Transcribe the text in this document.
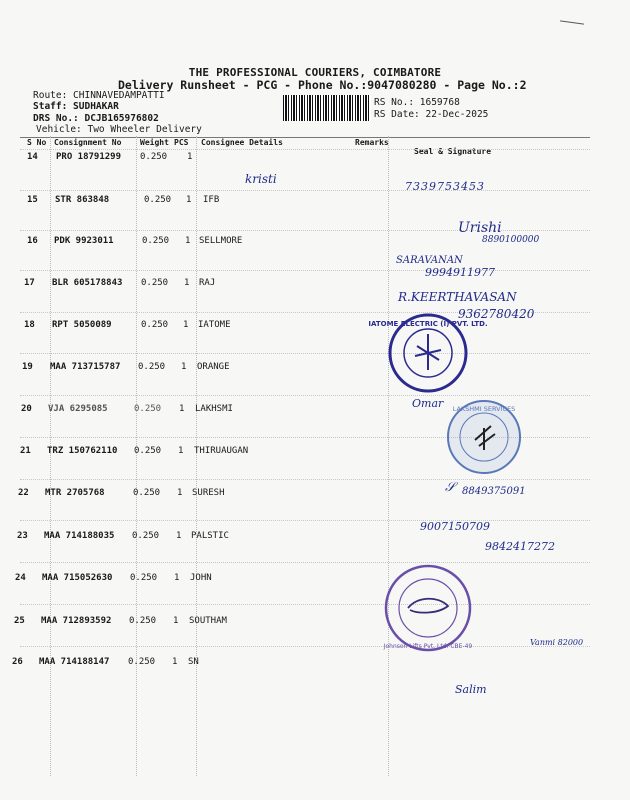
THE PROFESSIONAL COURIERS, COIMBATORE
Delivery Runsheet - PCG - Phone No.:9047080280 - Page No.:2
Route: CHINNAVEDAMPATTI
Staff: SUDHAKAR
DRS No.: DCJB165976802
Vehicle: Two Wheeler Delivery
RS No.: 1659768
RS Date: 22-Dec-2025
S No Consignment No Weight PCS Consignee Details	Remarks
Seal & Signature
14 PRO 18791299 0.250 1
15 STR 863848	0.250 1 IFB
16 PDK 9923011	0.250 1 SELLMORE
17 BLR 605178843 0.250 1 RAJ
18 RPT 5050089	0.250 1 IATOME
19 MAA 713715787 0.250 1 ORANGE
20 VJA 6295085	0.250 1 LAKHSMI
21 TRZ 150762110 0.250 1 THIRUAUGAN
22 MTR 2705768	0.250 1 SURESH
23 MAA 714188035 0.250 1 PALSTIC
24 MAA 715052630 0.250 1 JOHN
25 MAA 712893592 0.250 1 SOUTHAM
26 MAA 714188147 0.250 1 SN
kristi
7339753453
Urishi
8890100000
SARAVANAN
9994911977
R.KEERTHAVASAN
9362780420
Omar
𝒮 8849375091
9007150709
9842417272
Vanmi 82000
Salim
IATOME ELECTRIC (I) PVT. LTD.
LAKSHMI SERVICES
Johnson Lifts Pvt. Ltd. CBE-49
